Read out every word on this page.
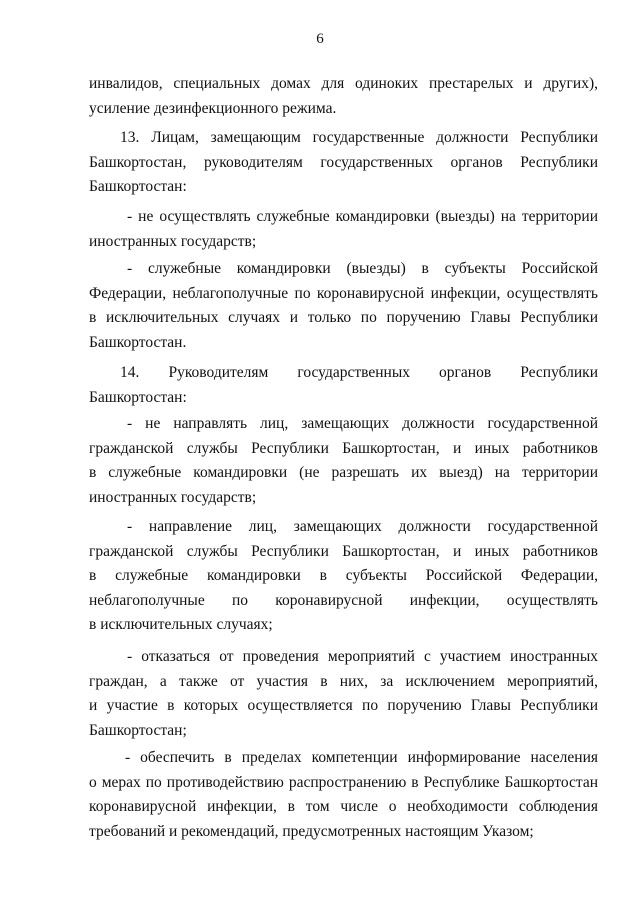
6
инвалидов, специальных домах для одиноких престарелых и других),
усиление дезинфекционного режима.
13. Лицам, замещающим государственные должности Республики
Башкортостан, руководителям государственных органов Республики
Башкортостан:
- не осуществлять служебные командировки (выезды) на территории
иностранных государств;
- служебные командировки (выезды) в субъекты Российской
Федерации, неблагополучные по коронавирусной инфекции, осуществлять
в исключительных случаях и только по поручению Главы Республики
Башкортостан.
14. Руководителям государственных органов Республики
Башкортостан:
- не направлять лиц, замещающих должности государственной
гражданской службы Республики Башкортостан, и иных работников
в служебные командировки (не разрешать их выезд) на территории
иностранных государств;
- направление лиц, замещающих должности государственной
гражданской службы Республики Башкортостан, и иных работников
в служебные командировки в субъекты Российской Федерации,
неблагополучные по коронавирусной инфекции, осуществлять
в исключительных случаях;
- отказаться от проведения мероприятий с участием иностранных
граждан, а также от участия в них, за исключением мероприятий,
и участие в которых осуществляется по поручению Главы Республики
Башкортостан;
- обеспечить в пределах компетенции информирование населения
о мерах по противодействию распространению в Республике Башкортостан
коронавирусной инфекции, в том числе о необходимости соблюдения
требований и рекомендаций, предусмотренных настоящим Указом;
